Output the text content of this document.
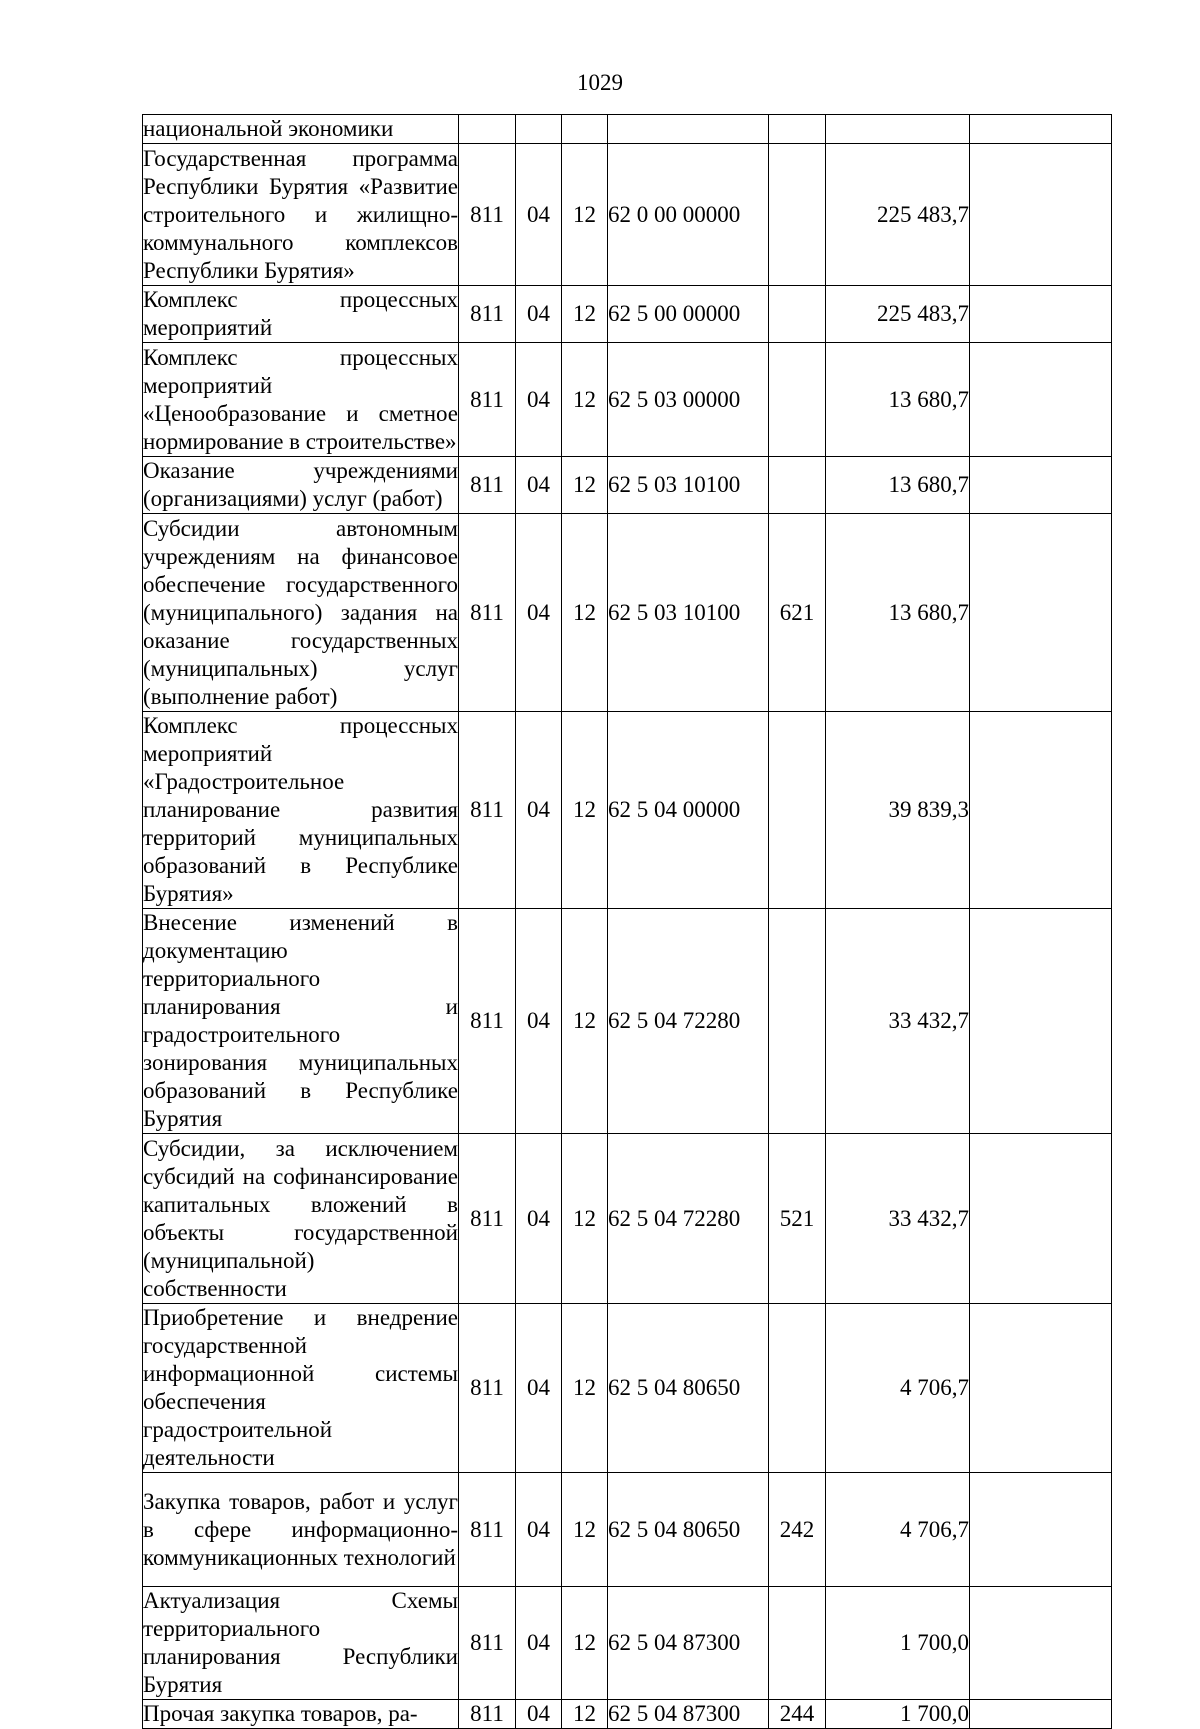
1029
национальной экономики							
Государственная программа Республики Бурятия «Развитие строительного и жилищно-коммунального комплексов Республики Бурятия»	811	04	12	62 0 00 00000		225 483,7	
Комплекс процессных мероприятий	811	04	12	62 5 00 00000		225 483,7	
Комплекс процессных мероприятий «Ценообразование и сметное нормирование в строительстве»	811	04	12	62 5 03 00000		13 680,7	
Оказание учреждениями (организациями) услуг (работ)	811	04	12	62 5 03 10100		13 680,7	
Субсидии автономным учреждениям на финансовое обеспечение государственного (муниципального) задания на оказание государственных (муниципальных) услуг (выполнение работ)	811	04	12	62 5 03 10100	621	13 680,7	
Комплекс процессных мероприятий «Градостроительное планирование развития территорий муниципальных образований в Республике Бурятия»	811	04	12	62 5 04 00000		39 839,3	
Внесение изменений в документацию территориального планирования и градостроительного зонирования муниципальных образований в Республике Бурятия	811	04	12	62 5 04 72280		33 432,7	
Субсидии, за исключением субсидий на софинансирование капитальных вложений в объекты государственной (муниципальной) собственности	811	04	12	62 5 04 72280	521	33 432,7	
Приобретение и внедрение государственной информационной системы обеспечения градостроительной деятельности	811	04	12	62 5 04 80650		4 706,7	
Закупка товаров, работ и услуг в сфере информационно-коммуникационных технологий	811	04	12	62 5 04 80650	242	4 706,7	
Актуализация Схемы территориального планирования Республики Бурятия	811	04	12	62 5 04 87300		1 700,0	
Прочая закупка товаров, ра-	811	04	12	62 5 04 87300	244	1 700,0	
